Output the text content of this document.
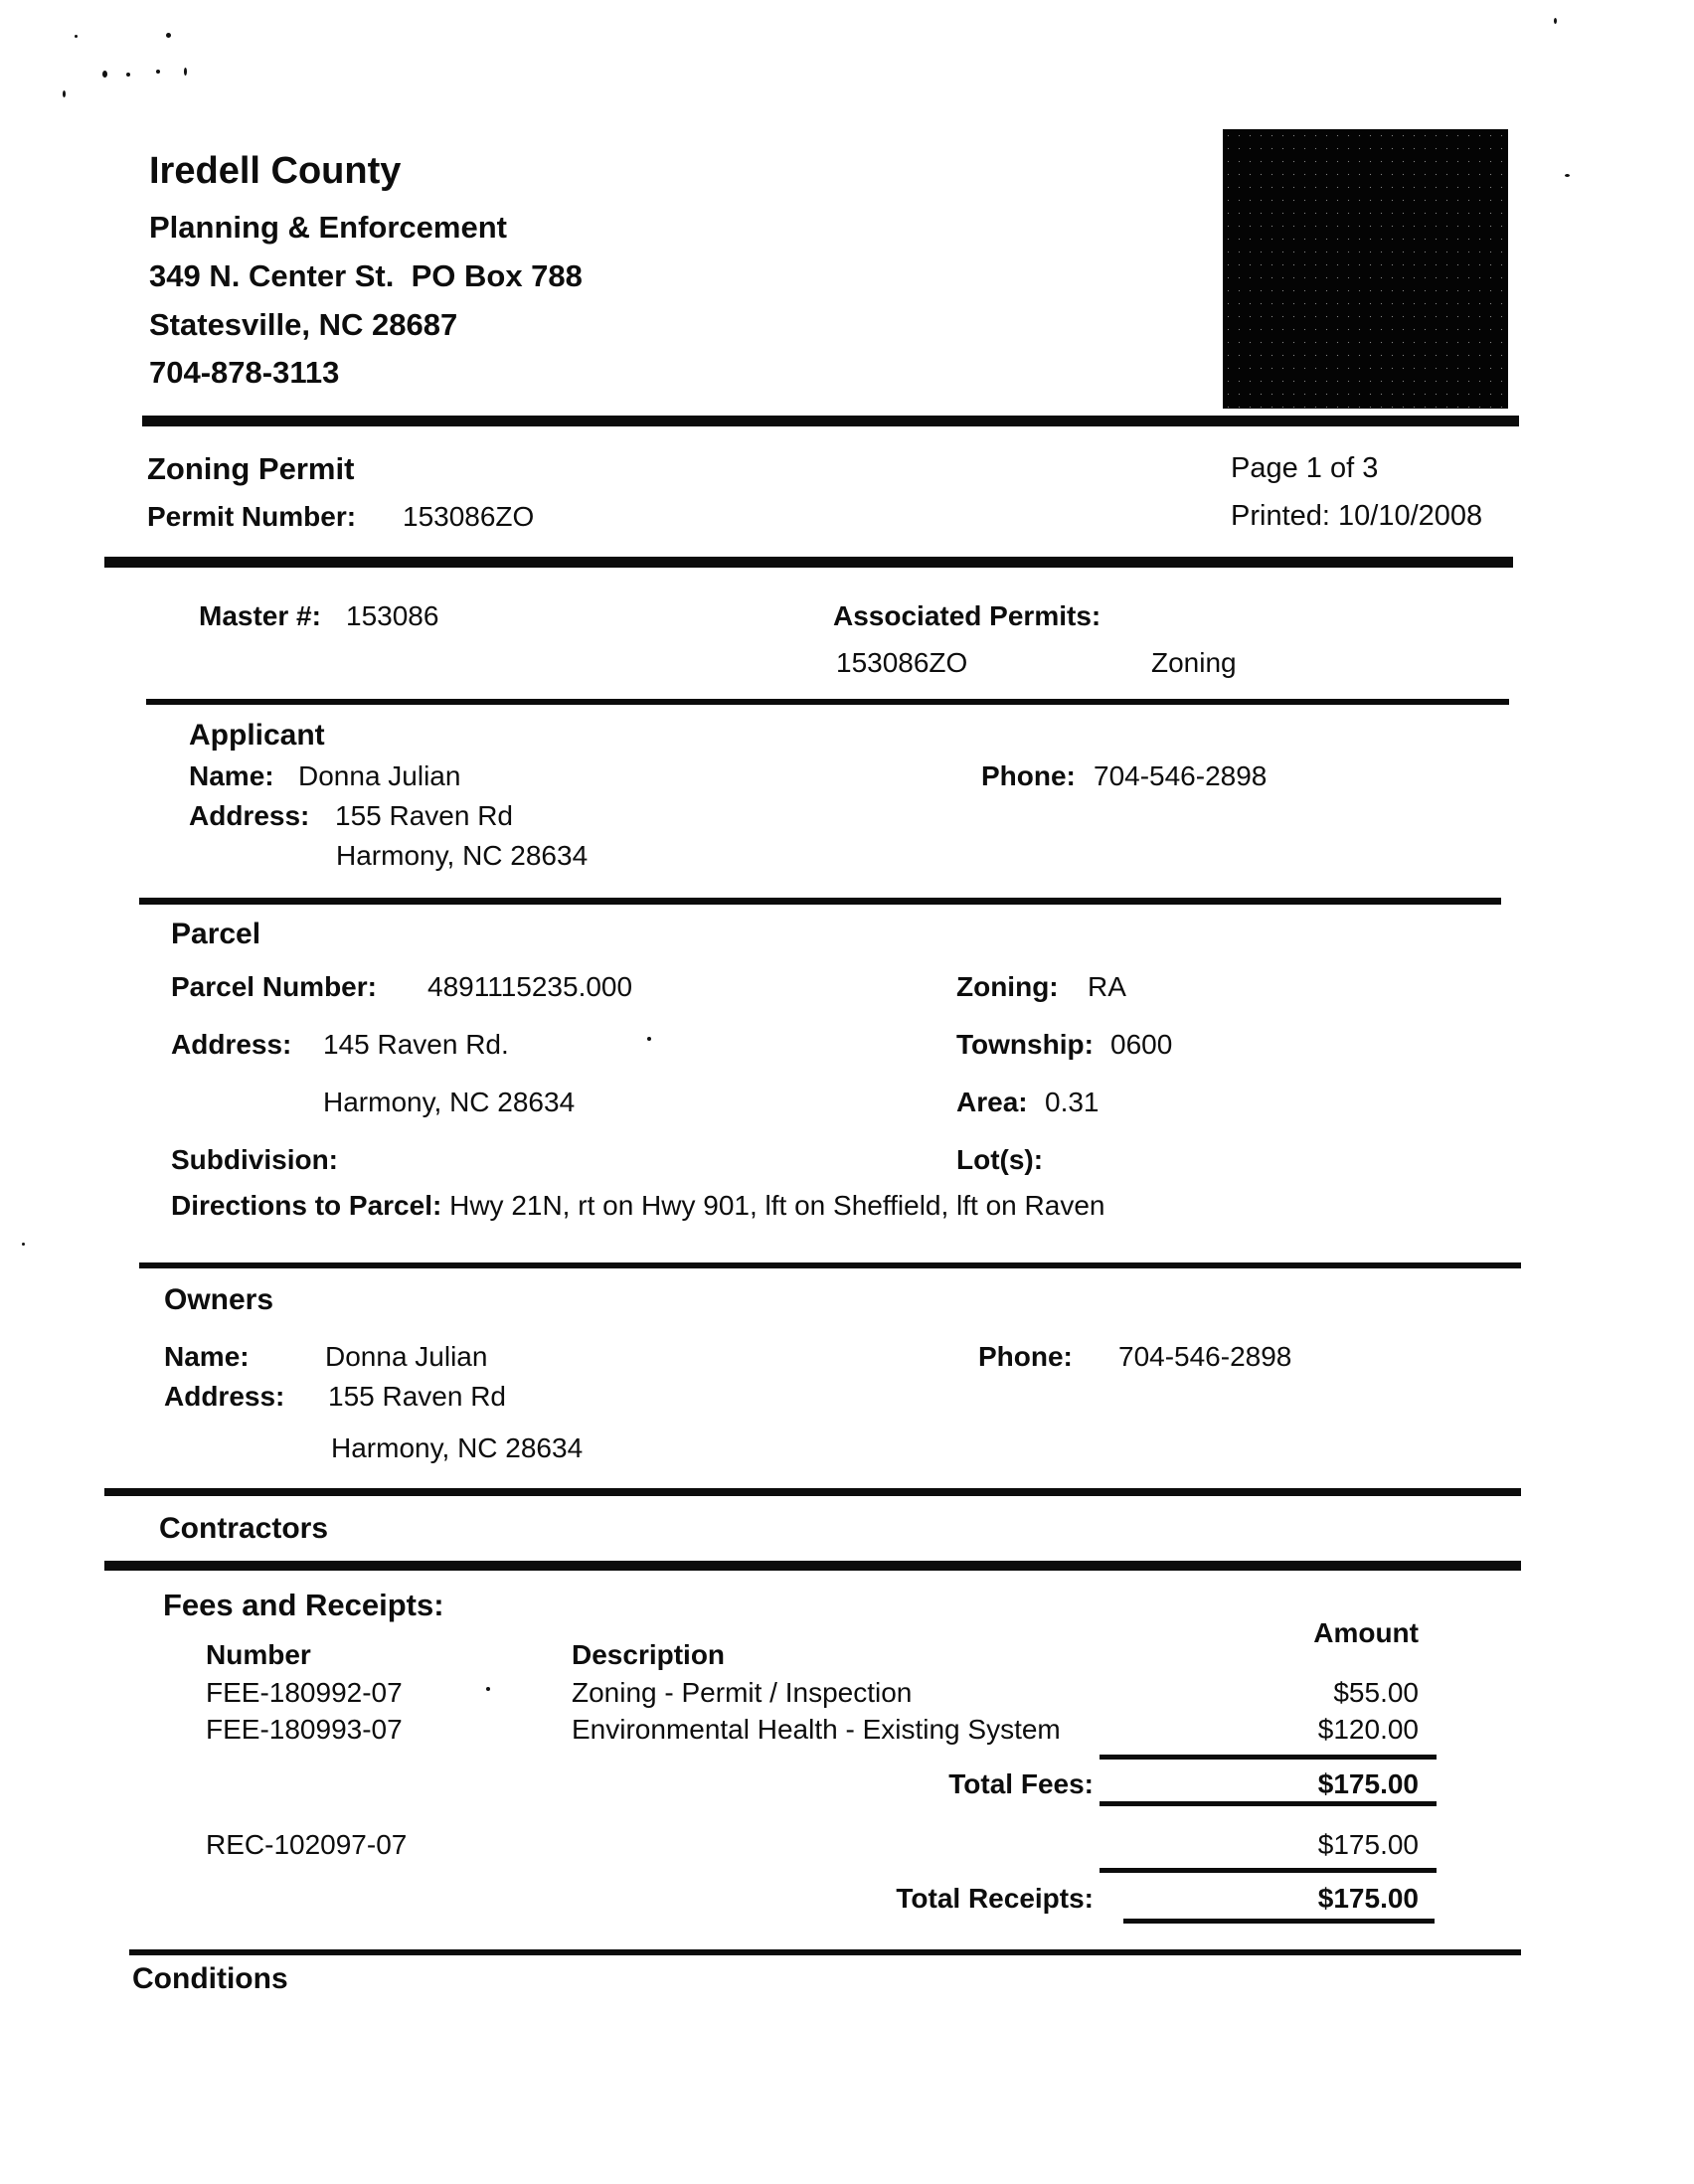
Iredell County
Planning & Enforcement
349 N. Center St.  PO Box 788
Statesville, NC 28687
704-878-3113
Zoning Permit
Permit Number: 153086ZO
Page 1 of 3
Printed: 10/10/2008
Master #: 153086	Associated Permits:
153086ZO	Zoning
Applicant
Name: Donna Julian	Phone: 704-546-2898
Address: 155 Raven Rd
Harmony, NC 28634
Parcel
Parcel Number: 4891115235.000	Zoning: RA
Address: 145 Raven Rd.	Township: 0600
Harmony, NC 28634	Area: 0.31
Subdivision:	Lot(s):
Directions to Parcel: Hwy 21N, rt on Hwy 901, lft on Sheffield, lft on Raven
Owners
Name:	Donna Julian	Phone: 704-546-2898
Address: 155 Raven Rd
Harmony, NC 28634
Contractors
Fees and Receipts:
Amount
Number	Description
FEE-180992-07	Zoning - Permit / Inspection	$55.00
FEE-180993-07	Environmental Health - Existing System	$120.00
Total Fees:	$175.00
REC-102097-07	$175.00
Total Receipts:	$175.00
Conditions
